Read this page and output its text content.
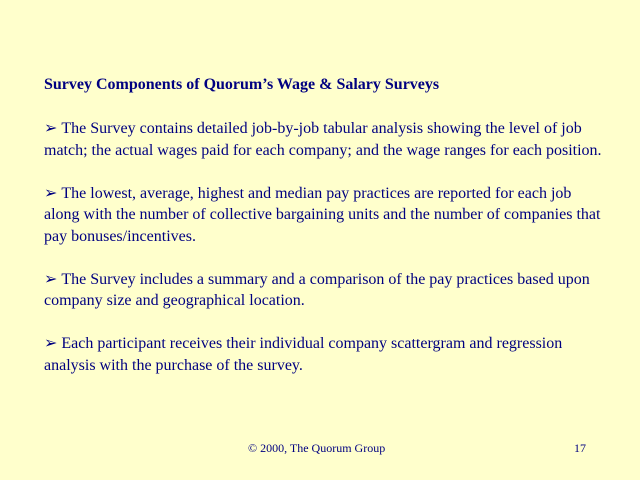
Survey Components of Quorum’s Wage & Salary Surveys
➢ The Survey contains detailed job-by-job tabular analysis showing the level of job match; the actual wages paid for each company; and the wage ranges for each position.
➢ The lowest, average, highest and median pay practices are reported for each job along with the number of collective bargaining units and the number of companies that pay bonuses/incentives.
➢ The Survey includes a summary and a comparison of the pay practices based upon company size and geographical location.
➢ Each participant receives their individual company scattergram and regression analysis with the purchase of the survey.
© 2000, The Quorum Group	17
